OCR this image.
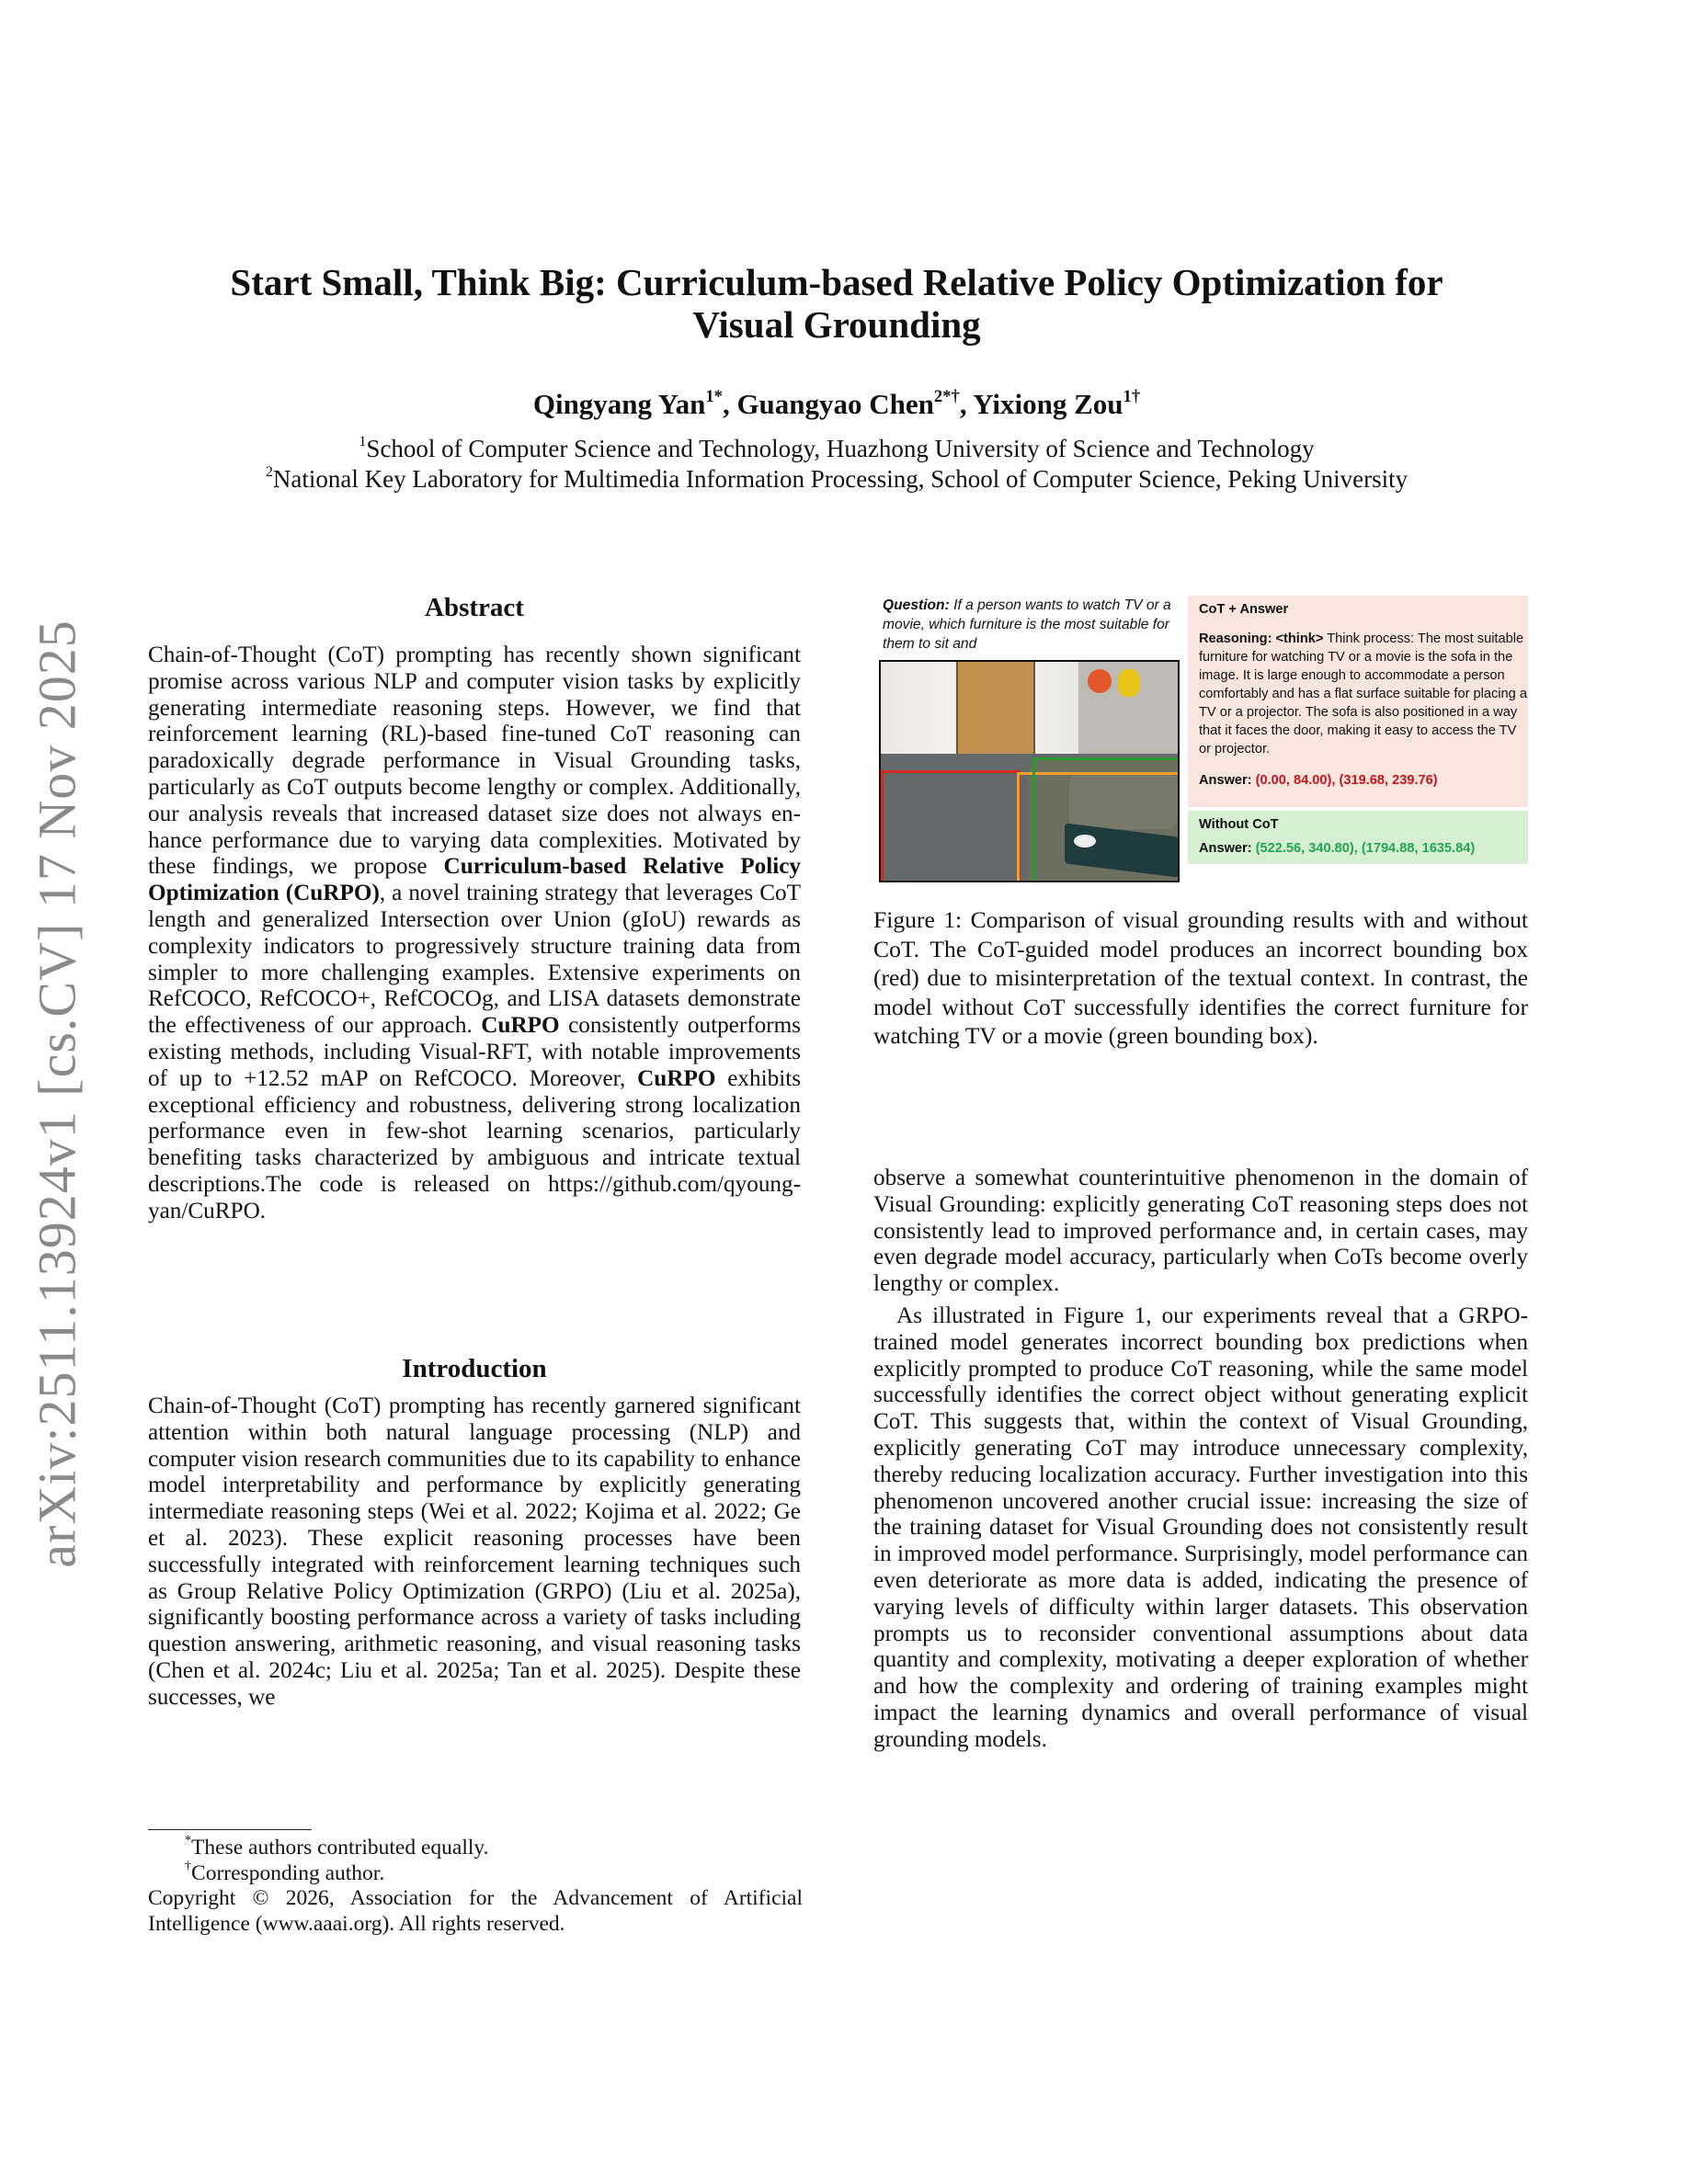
arXiv:2511.13924v1 [cs.CV] 17 Nov 2025
Start Small, Think Big: Curriculum-based Relative Policy Optimization for
Visual Grounding
Qingyang Yan$^{1*}$, Guangyao Chen$^{2*\dagger}$, Yixiong Zou$^{1\dagger}$
$^1$School of Computer Science and Technology, Huazhong University of Science and Technology
$^2$National Key Laboratory for Multimedia Information Processing, School of Computer Science, Peking University
Abstract

Chain-of-Thought (CoT) prompting has recently shown significant promise across various NLP and computer vision tasks by explicitly generating intermediate reasoning steps. However, we find that reinforcement learning (RL)-based fine-tuned CoT reasoning can paradoxically degrade performance in Visual Grounding tasks, particularly as CoT outputs become lengthy or complex. Additionally, our analysis reveals that increased dataset size does not always enhance performance due to varying data complexities. Motivated by these findings, we propose Curriculum-based Relative Policy Optimization (CuRPO), a novel training strategy that leverages CoT length and generalized Intersection over Union (gIoU) rewards as complexity indicators to progressively structure training data from simpler to more challenging examples. Extensive experiments on RefCOCO, RefCOCO+, RefCOCOg, and LISA datasets demonstrate the effectiveness of our approach. CuRPO consistently outperforms existing methods, including Visual-RFT, with notable improvements of up to +12.52 mAP on RefCOCO. Moreover, CuRPO exhibits exceptional efficiency and robustness, delivering strong localization performance even in few-shot learning scenarios, particularly benefiting tasks characterized by ambiguous and intricate textual descriptions.The code is released on https://github.com/qyoung-yan/CuRPO.

Introduction

Chain-of-Thought (CoT) prompting has recently garnered significant attention within both natural language processing (NLP) and computer vision research communities due to its capability to enhance model interpretability and performance by explicitly generating intermediate reasoning steps (Wei et al. 2022; Kojima et al. 2022; Ge et al. 2023). These explicit reasoning processes have been successfully integrated with reinforcement learning techniques such as Group Relative Policy Optimization (GRPO) (Liu et al. 2025a), significantly boosting performance across a variety of tasks including question answering, arithmetic reasoning, and visual reasoning tasks (Chen et al. 2024c; Liu et al. 2025a; Tan et al. 2025). Despite these successes, we

*These authors contributed equally.
†Corresponding author.
Copyright © 2026, Association for the Advancement of Artificial Intelligence (www.aaai.org). All rights reserved.
Question: If a person wants to watch TV or a movie, which furniture is the most suitable for them to sit and
CoT + Answer
Reasoning: <think> Think process: The most suitable furniture for watching TV or a movie is the sofa in the image. It is large enough to accommodate a person comfortably and has a flat surface suitable for placing a TV or a projector. The sofa is also positioned in a way that it faces the door, making it easy to access the TV or projector.
Answer: (0.00, 84.00), (319.68, 239.76)
Without CoT
Answer: (522.56, 340.80), (1794.88, 1635.84)
Figure 1: Comparison of visual grounding results with and without CoT. The CoT-guided model produces an incorrect bounding box (red) due to misinterpretation of the textual context. In contrast, the model without CoT successfully identifies the correct furniture for watching TV or a movie (green bounding box).

observe a somewhat counterintuitive phenomenon in the domain of Visual Grounding: explicitly generating CoT reasoning steps does not consistently lead to improved performance and, in certain cases, may even degrade model accuracy, particularly when CoTs become overly lengthy or complex.

As illustrated in Figure 1, our experiments reveal that a GRPO-trained model generates incorrect bounding box predictions when explicitly prompted to produce CoT reasoning, while the same model successfully identifies the correct object without generating explicit CoT. This suggests that, within the context of Visual Grounding, explicitly generating CoT may introduce unnecessary complexity, thereby reducing localization accuracy. Further investigation into this phenomenon uncovered another crucial issue: increasing the size of the training dataset for Visual Grounding does not consistently result in improved model performance. Surprisingly, model performance can even deteriorate as more data is added, indicating the presence of varying levels of difficulty within larger datasets. This observation prompts us to reconsider conventional assumptions about data quantity and complexity, motivating a deeper exploration of whether and how the complexity and ordering of training examples might impact the learning dynamics and overall performance of visual grounding models.
